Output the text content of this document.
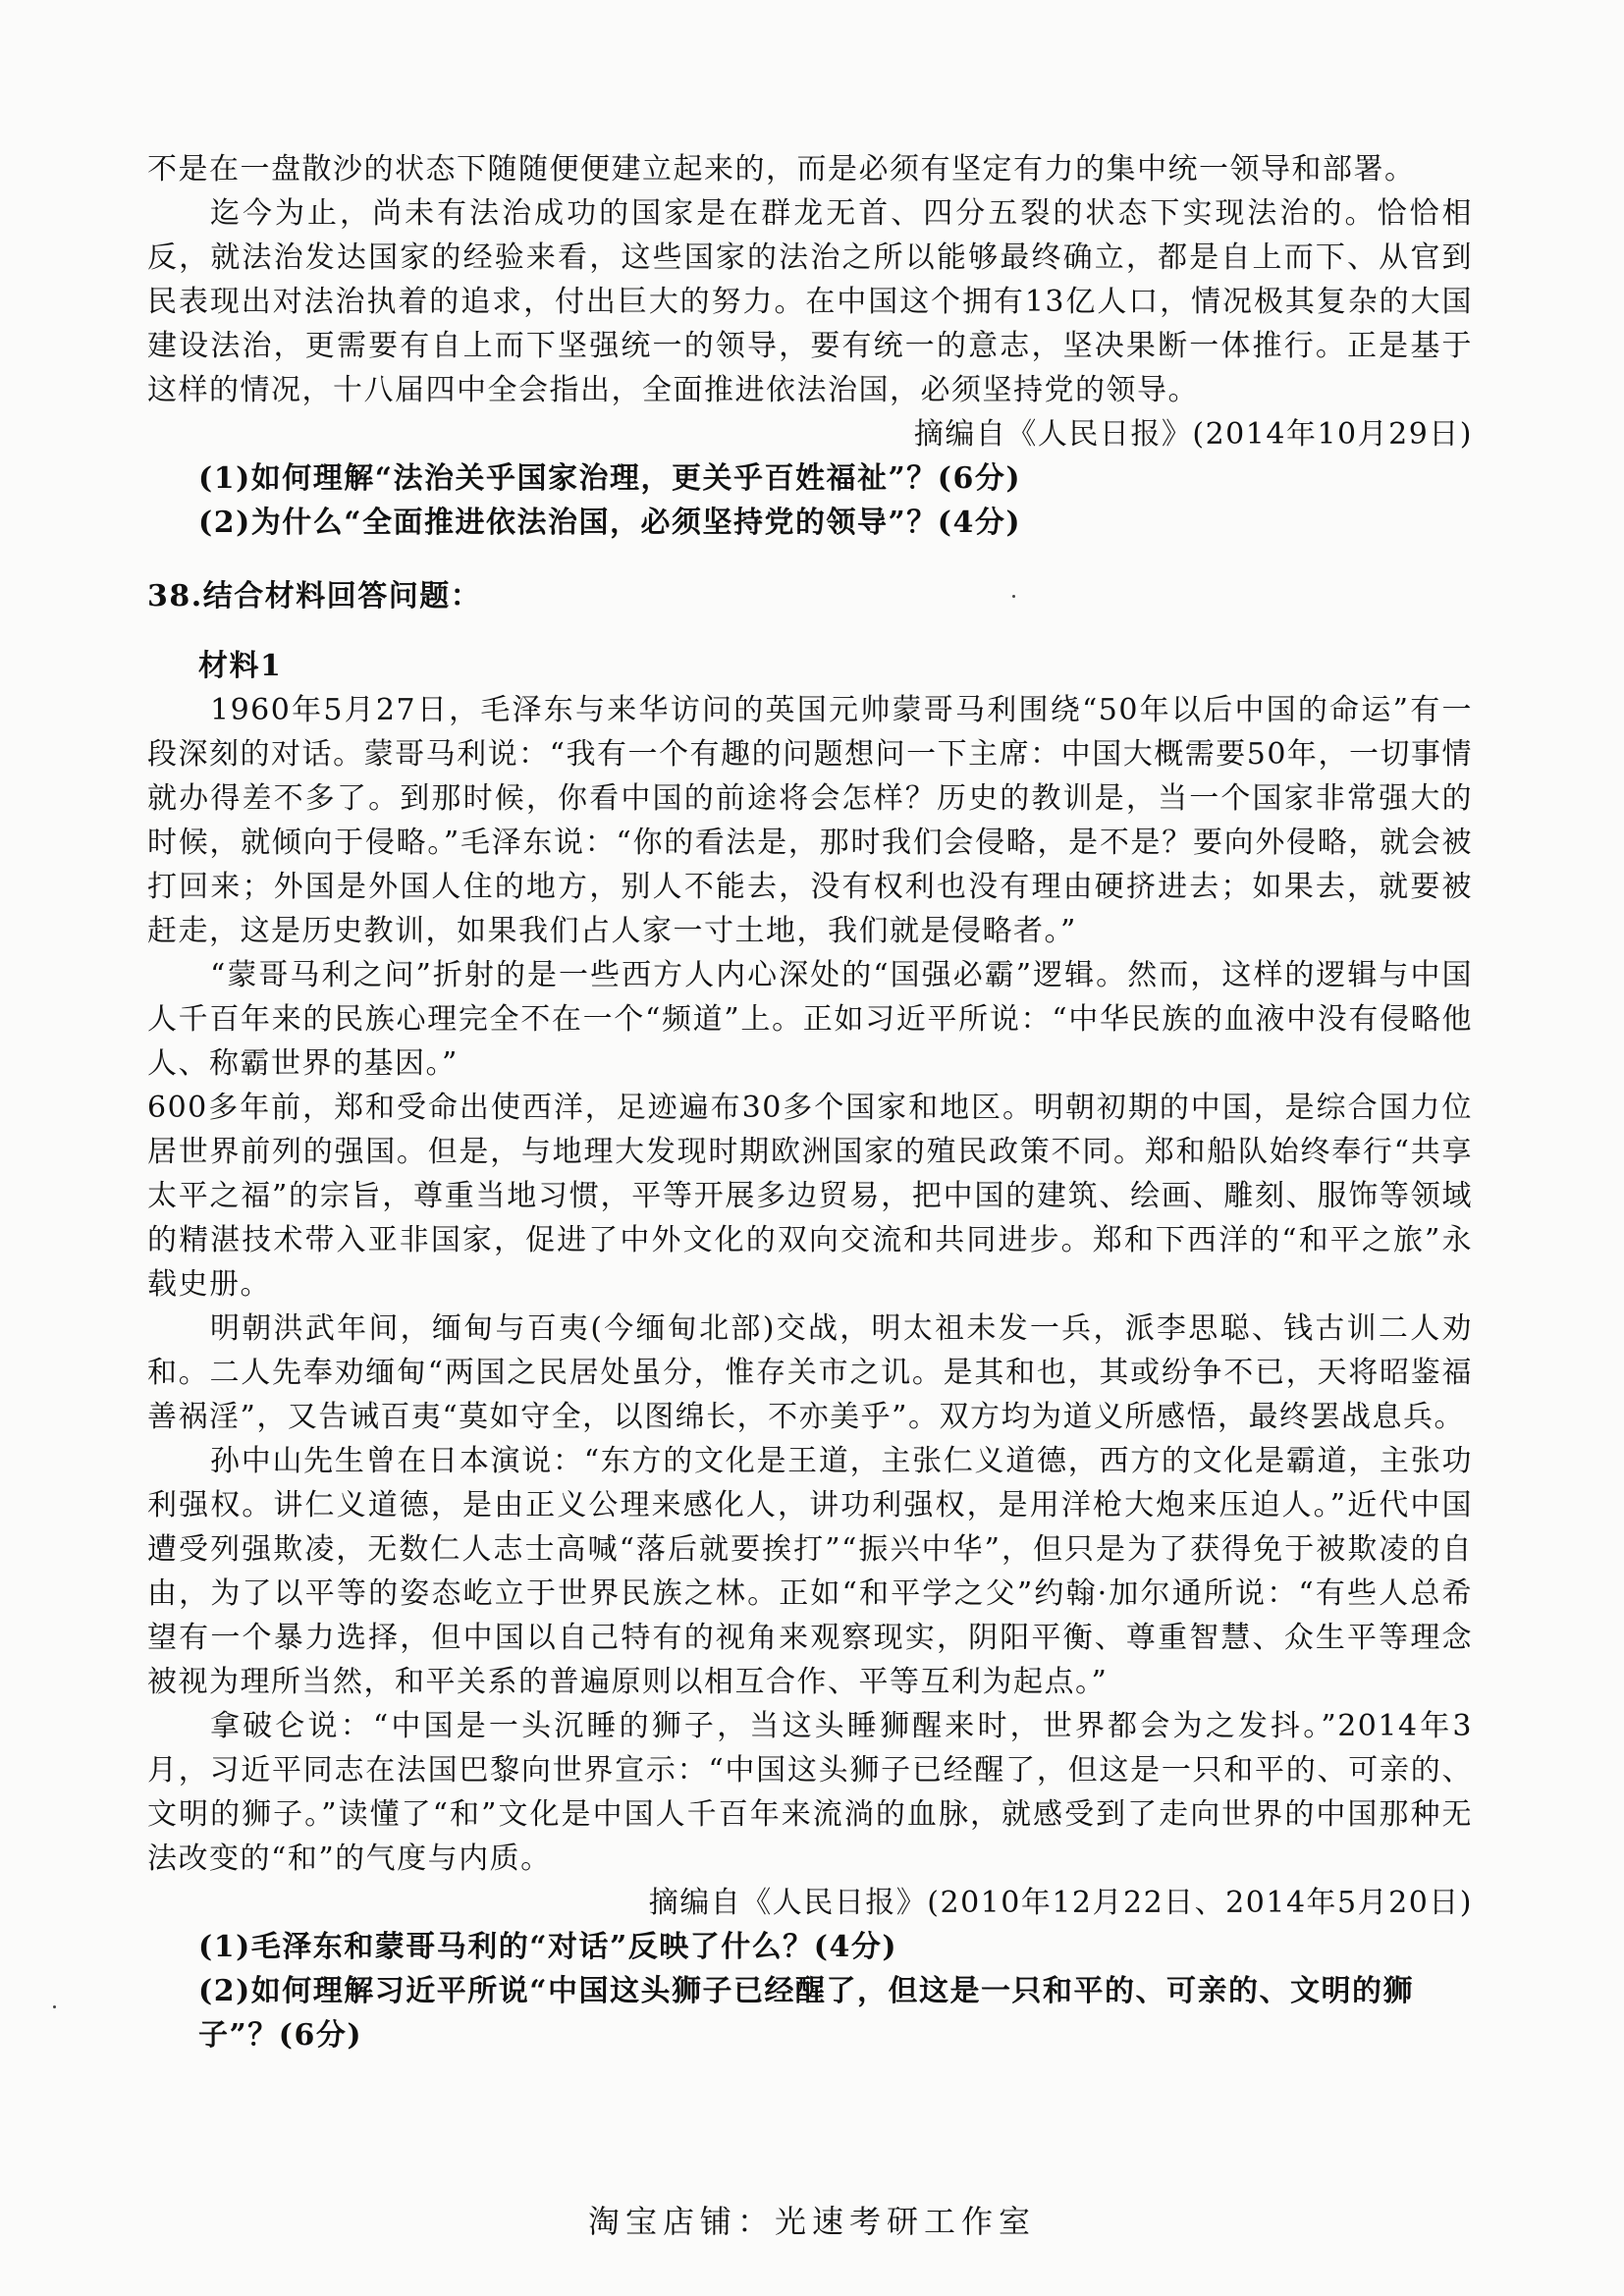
不是在一盘散沙的状态下随随便便建立起来的，而是必须有坚定有力的集中统一领导和部署。

迄今为止，尚未有法治成功的国家是在群龙无首、四分五裂的状态下实现法治的。恰恰相反，就法治发达国家的经验来看，这些国家的法治之所以能够最终确立，都是自上而下、从官到民表现出对法治执着的追求，付出巨大的努力。在中国这个拥有13亿人口，情况极其复杂的大国建设法治，更需要有自上而下坚强统一的领导，要有统一的意志，坚决果断一体推行。正是基于这样的情况，十八届四中全会指出，全面推进依法治国，必须坚持党的领导。

摘编自《人民日报》(2014年10月29日)

(1)如何理解“法治关乎国家治理，更关乎百姓福祉”？(6分)

(2)为什么“全面推进依法治国，必须坚持党的领导”？(4分)

38.结合材料回答问题：

材料1

1960年5月27日，毛泽东与来华访问的英国元帅蒙哥马利围绕“50年以后中国的命运”有一段深刻的对话。蒙哥马利说：“我有一个有趣的问题想问一下主席：中国大概需要50年，一切事情就办得差不多了。到那时候，你看中国的前途将会怎样？历史的教训是，当一个国家非常强大的时候，就倾向于侵略。”毛泽东说：“你的看法是，那时我们会侵略，是不是？要向外侵略，就会被打回来；外国是外国人住的地方，别人不能去，没有权利也没有理由硬挤进去；如果去，就要被赶走，这是历史教训，如果我们占人家一寸土地，我们就是侵略者。”

“蒙哥马利之问”折射的是一些西方人内心深处的“国强必霸”逻辑。然而，这样的逻辑与中国人千百年来的民族心理完全不在一个“频道”上。正如习近平所说：“中华民族的血液中没有侵略他人、称霸世界的基因。”

600多年前，郑和受命出使西洋，足迹遍布30多个国家和地区。明朝初期的中国，是综合国力位居世界前列的强国。但是，与地理大发现时期欧洲国家的殖民政策不同。郑和船队始终奉行“共享太平之福”的宗旨，尊重当地习惯，平等开展多边贸易，把中国的建筑、绘画、雕刻、服饰等领域的精湛技术带入亚非国家，促进了中外文化的双向交流和共同进步。郑和下西洋的“和平之旅”永载史册。

明朝洪武年间，缅甸与百夷(今缅甸北部)交战，明太祖未发一兵，派李思聪、钱古训二人劝和。二人先奉劝缅甸“两国之民居处虽分，惟存关市之讥。是其和也，其或纷争不已，天将昭鉴福善祸淫”，又告诫百夷“莫如守全，以图绵长，不亦美乎”。双方均为道义所感悟，最终罢战息兵。

孙中山先生曾在日本演说：“东方的文化是王道，主张仁义道德，西方的文化是霸道，主张功利强权。讲仁义道德，是由正义公理来感化人，讲功利强权，是用洋枪大炮来压迫人。”近代中国遭受列强欺凌，无数仁人志士高喊“落后就要挨打”“振兴中华”，但只是为了获得免于被欺凌的自由，为了以平等的姿态屹立于世界民族之林。正如“和平学之父”约翰·加尔通所说：“有些人总希望有一个暴力选择，但中国以自己特有的视角来观察现实，阴阳平衡、尊重智慧、众生平等理念被视为理所当然，和平关系的普遍原则以相互合作、平等互利为起点。”

拿破仑说：“中国是一头沉睡的狮子，当这头睡狮醒来时，世界都会为之发抖。”2014年3月，习近平同志在法国巴黎向世界宣示：“中国这头狮子已经醒了，但这是一只和平的、可亲的、文明的狮子。”读懂了“和”文化是中国人千百年来流淌的血脉，就感受到了走向世界的中国那种无法改变的“和”的气度与内质。

摘编自《人民日报》(2010年12月22日、2014年5月20日)

(1)毛泽东和蒙哥马利的“对话”反映了什么？(4分)

(2)如何理解习近平所说“中国这头狮子已经醒了，但这是一只和平的、可亲的、文明的狮子”？(6分)

淘宝店铺：光速考研工作室
